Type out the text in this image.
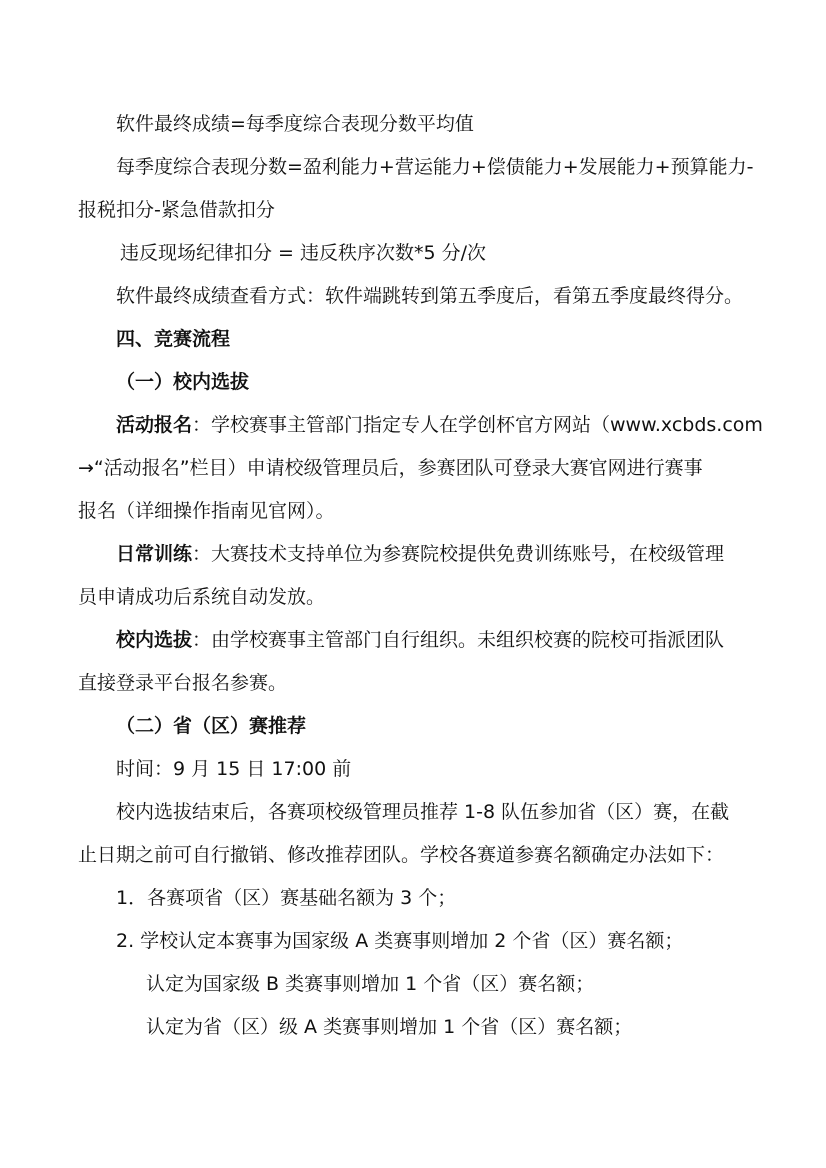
软件最终成绩=每季度综合表现分数平均值
每季度综合表现分数=盈利能力+营运能力+偿债能力+发展能力+预算能力-
报税扣分-紧急借款扣分
违反现场纪律扣分 = 违反秩序次数*5 分/次
软件最终成绩查看方式：软件端跳转到第五季度后，看第五季度最终得分。
四、竞赛流程
（一）校内选拔
活动报名：学校赛事主管部门指定专人在学创杯官方网站（www.xcbds.com
→“活动报名”栏目）申请校级管理员后，参赛团队可登录大赛官网进行赛事
报名（详细操作指南见官网）。
日常训练：大赛技术支持单位为参赛院校提供免费训练账号，在校级管理
员申请成功后系统自动发放。
校内选拔：由学校赛事主管部门自行组织。未组织校赛的院校可指派团队
直接登录平台报名参赛。
（二）省（区）赛推荐
时间：9 月 15 日 17:00 前
校内选拔结束后，各赛项校级管理员推荐 1-8 队伍参加省（区）赛，在截
止日期之前可自行撤销、修改推荐团队。学校各赛道参赛名额确定办法如下：
1．各赛项省（区）赛基础名额为 3 个；
2. 学校认定本赛事为国家级 A 类赛事则增加 2 个省（区）赛名额；
认定为国家级 B 类赛事则增加 1 个省（区）赛名额；
认定为省（区）级 A 类赛事则增加 1 个省（区）赛名额；
